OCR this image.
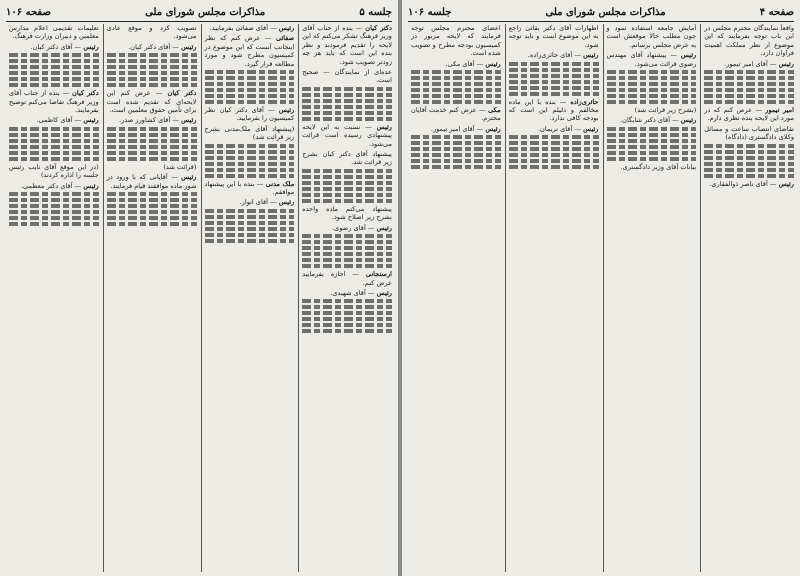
جلسه ۵
مذاکرات مجلس شورای ملی
صفحه ۱۰۶

دکتر کیان — بنده از جناب آقای وزیر فرهنگ تشکر می‌کنم که این لایحه را تقدیم فرمودند و نظر بنده این است که باید هر چه زودتر تصویب شود.

عده‌ای از نمایندگان — صحیح است.

رئیس — نسبت به این لایحه پیشنهادی رسیده است قرائت می‌شود.

پیشنهاد آقای دکتر کیان بشرح زیر قرائت شد.

پیشنهاد می‌کنم ماده واحده بشرح زیر اصلاح شود.

رئیس — آقای رضوی.

ارسنجانی — اجازه بفرمایید عرض کنم.

رئیس — آقای شهیدی.

رئیس — آقای صفائی بفرمایید.

صفائی — عرض کنم که نظر اینجانب آنست که این موضوع در کمیسیون مطرح شود و مورد مطالعه قرار گیرد.

رئیس — آقای دکتر کیان نظر کمیسیون را بفرمایید.

(پیشنهاد آقای ملک‌مدنی بشرح زیر قرائت شد)

ملک مدنی — بنده با این پیشنهاد موافقم.

رئیس — آقای انوار.

تصویب کرد و موقع عادی می‌شود.

رئیس — آقای دکتر کیان.

دکتر کیان — عرض کنم این لایحه‌ای که تقدیم شده است برای تأمین حقوق معلمین است.

رئیس — آقای کشاورز صدر.

(قرائت شد)

رئیس — آقایانی که با ورود در شور ماده موافقند قیام فرمایند.

تعلیمات تقدیمی اعلام مدارس معلمین و دبیران وزارت فرهنگ.

رئیس — آقای دکتر کیان.

دکتر کیان — بنده از جناب آقای وزیر فرهنگ تقاضا می‌کنم توضیح بفرمایند.

رئیس — آقای کاظمی.

(در این موقع آقای نایب رئیس جلسه را اداره کردند)

رئیس — آقای دکتر معظمی.

صفحه ۴
مذاکرات مجلس شورای ملی
جلسه ۱۰۶

واقعاً نمایندگان محترم مجلس در این باب توجه بفرمایند که این موضوع از نظر مملکت اهمیت فراوان دارد.

رئیس — آقای امیر تیمور.

امیر تیمور — عرض کنم که در مورد این لایحه بنده نظری دارم.

تقاضای انتصاب ساعت و مسائل وکلای دادگستری (دادگاه)

رئیس — آقای ناصر ذوالفقاری.

آمایش جامعه استفاده نمود و چون مطلب حالا موقعش است به عرض مجلس برسانم.

رئیس — پیشنهاد آقای مهندس رضوی قرائت می‌شود.

(بشرح زیر قرائت شد)

رئیس — آقای دکتر شایگان.

بیانات آقای وزیر دادگستری.

اظهارات آقای دکتر بقائی راجع به این موضوع است و باید توجه شود.

رئیس — آقای حائری‌زاده.

حائری‌زاده — بنده با این ماده مخالفم و دلیلم این است که بودجه کافی ندارد.

رئیس — آقای نریمان.

اعضای محترم مجلس توجه فرمایند که لایحه مزبور در کمیسیون بودجه مطرح و تصویب شده است.

رئیس — آقای مکی.

مکی — عرض کنم خدمت آقایان محترم.

رئیس — آقای امیر تیمور.
